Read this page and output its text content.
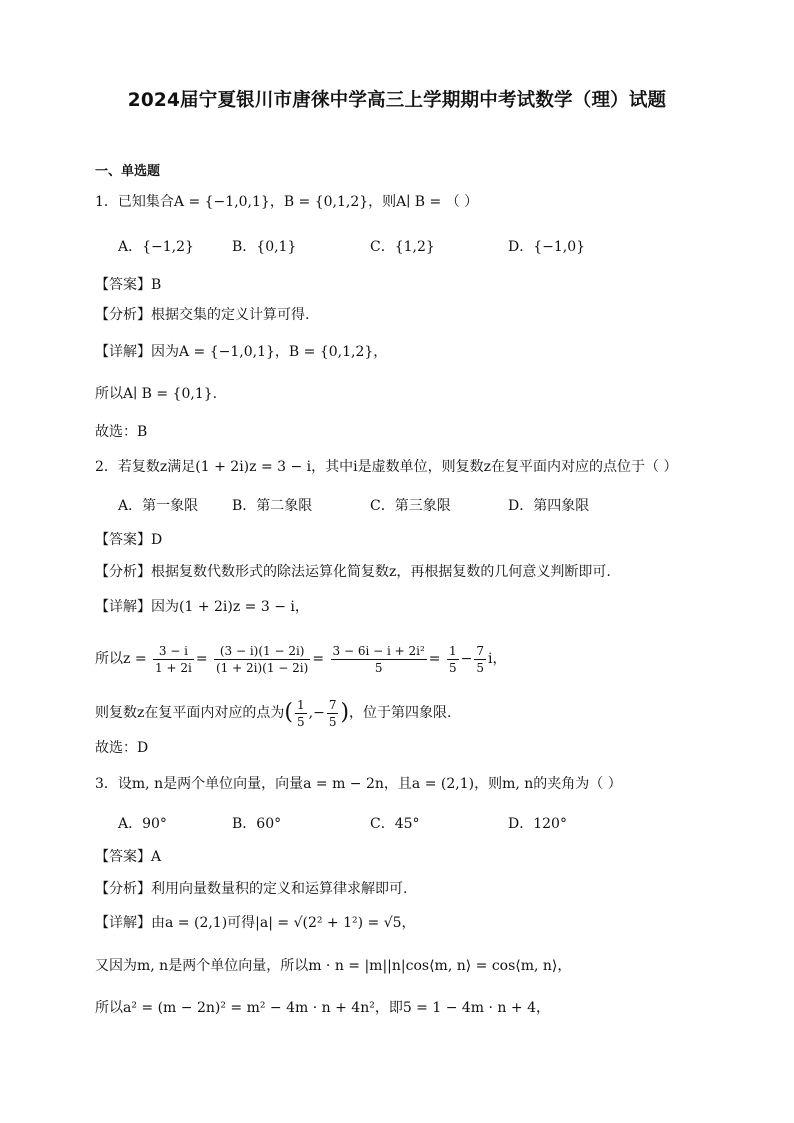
2024届宁夏银川市唐徕中学高三上学期期中考试数学（理）试题
一、单选题
1．已知集合A = {−1,0,1}，B = {0,1,2}，则A∣ B = （ ）
A．{−1,2}	B．{0,1}	C．{1,2}	D．{−1,0}
【答案】B
【分析】根据交集的定义计算可得.
【详解】因为A = {−1,0,1}，B = {0,1,2}，
所以A∣ B = {0,1}.
故选：B
2．若复数z满足(1 + 2i)z = 3 − i，其中i是虚数单位，则复数z在复平面内对应的点位于（ ）
A．第一象限 B．第二象限	C．第三象限	D．第四象限
【答案】D
【分析】根据复数代数形式的除法运算化简复数z，再根据复数的几何意义判断即可.
【详解】因为(1 + 2i)z = 3 − i，
所以$z = \frac{3 - i}{1 + 2i} = \frac{(3 - i)(1 - 2i)}{(1 + 2i)(1 - 2i)} = \frac{\text{3 − 6i − i + 2i²}}{5} = \frac{1}{5} - \frac{7}{5}$ i，
则复数z在复平面内对应的点为( $\frac{1}{5}$ ,− $\frac{7}{5}$ )，位于第四象限.
故选：D
3．设m, n是两个单位向量，向量a = m − 2n，且a = (2,1)，则m, n的夹角为（ ）
A．90°	B．60°	C．45°	D．120°
【答案】A
【分析】利用向量数量积的定义和运算律求解即可.
【详解】由a = (2,1)可得|a| = √(2² + 1²) = √5，
又因为m, n是两个单位向量，所以m · n = |m||n|cos⟨m, n⟩ = cos⟨m, n⟩，
所以a² = (m − 2n)² = m² − 4m · n + 4n²，即5 = 1 − 4m · n + 4，
